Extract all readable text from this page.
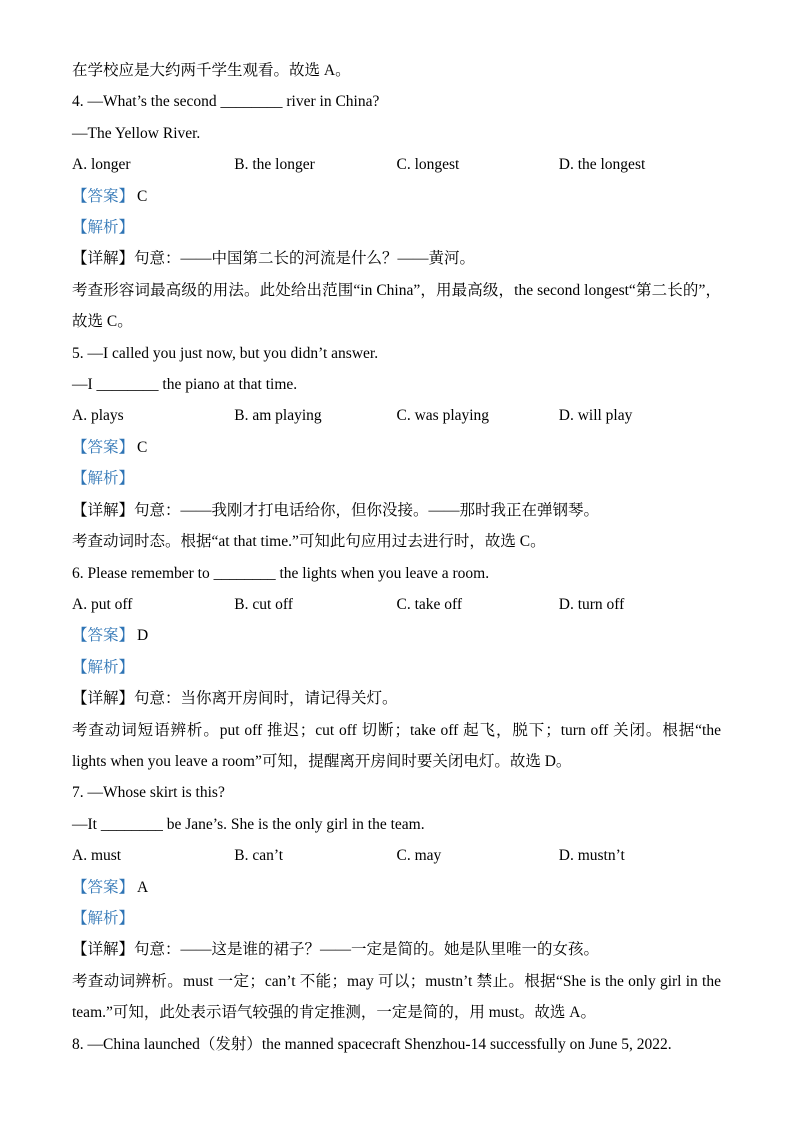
在学校应是大约两千学生观看。故选 A。

4. —What’s the second ________ river in China?

—The Yellow River.

A. longer	B. the longer	C. longest	D. the longest

【答案】 C

【解析】

【详解】句意：——中国第二长的河流是什么？——黄河。

考查形容词最高级的用法。此处给出范围“in China”，用最高级，the second longest“第二长的”，故选 C。

5. —I called you just now, but you didn’t answer.

—I ________ the piano at that time.

A. plays	B. am playing	C. was playing	D. will play

【答案】 C

【解析】

【详解】句意：——我刚才打电话给你，但你没接。——那时我正在弹钢琴。

考查动词时态。根据“at that time.”可知此句应用过去进行时，故选 C。

6. Please remember to ________ the lights when you leave a room.

A. put off	B. cut off	C. take off	D. turn off

【答案】 D

【解析】

【详解】句意：当你离开房间时，请记得关灯。

考查动词短语辨析。put off 推迟；cut off 切断；take off 起飞，脱下；turn off 关闭。根据“the lights when you leave a room”可知，提醒离开房间时要关闭电灯。故选 D。

7. —Whose skirt is this?

—It ________ be Jane’s. She is the only girl in the team.

A. must	B. can’t	C. may	D. mustn’t

【答案】 A

【解析】

【详解】句意：——这是谁的裙子？——一定是简的。她是队里唯一的女孩。

考查动词辨析。must 一定；can’t 不能；may 可以；mustn’t 禁止。根据“She is the only girl in the team.”可知，此处表示语气较强的肯定推测，一定是简的，用 must。故选 A。

8. —China launched（发射）the manned spacecraft Shenzhou-14 successfully on June 5, 2022.
